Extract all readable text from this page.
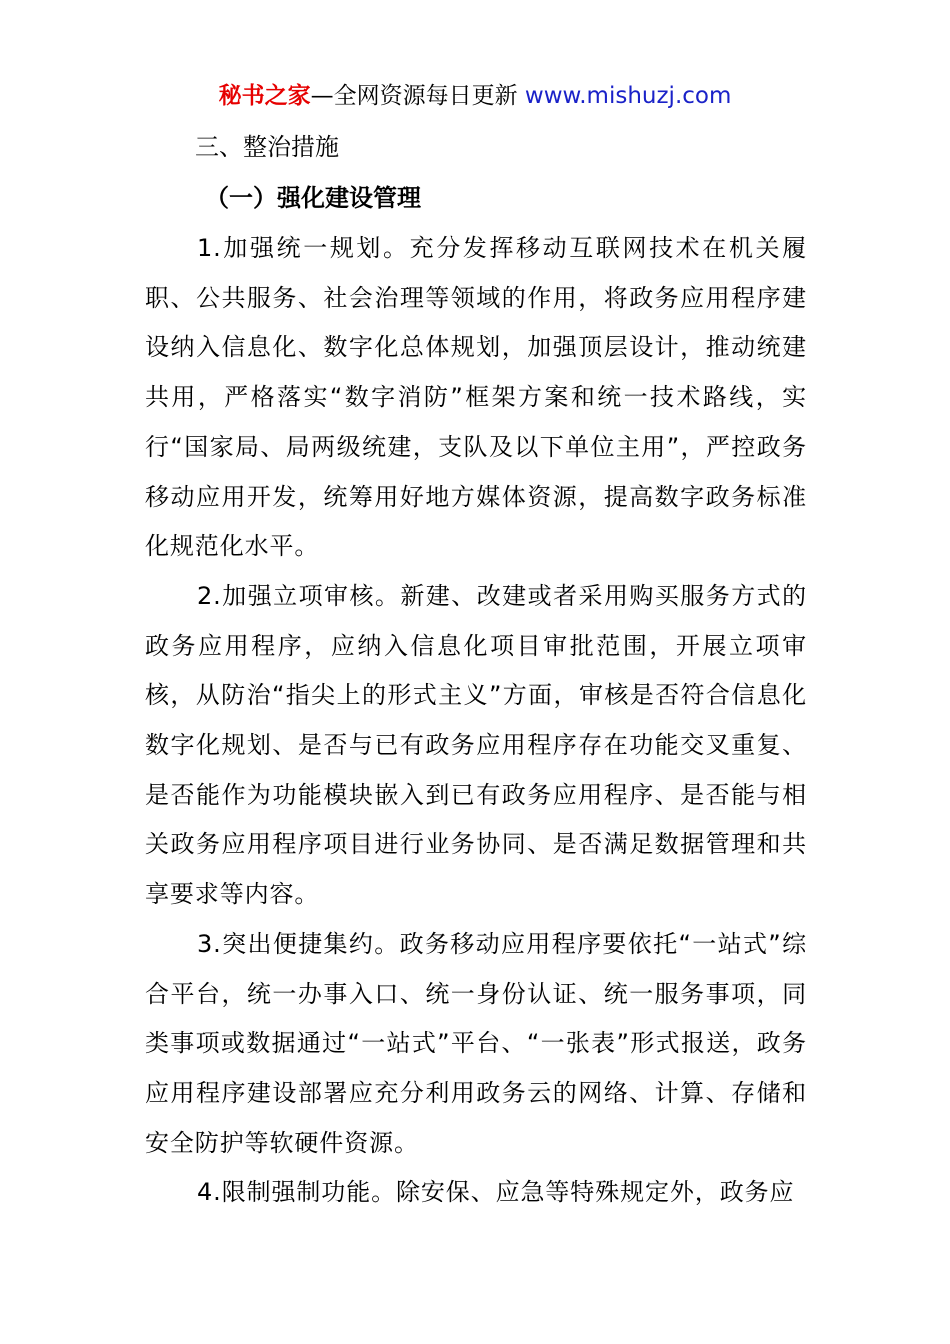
秘书之家—全网资源每日更新 www.mishuzj.com
三、整治措施
（一）强化建设管理

1.加强统一规划。充分发挥移动互联网技术在机关履职、公共服务、社会治理等领域的作用，将政务应用程序建设纳入信息化、数字化总体规划，加强顶层设计，推动统建共用，严格落实“数字消防”框架方案和统一技术路线，实行“国家局、局两级统建，支队及以下单位主用”，严控政务移动应用开发，统筹用好地方媒体资源，提高数字政务标准化规范化水平。

2.加强立项审核。新建、改建或者采用购买服务方式的政务应用程序，应纳入信息化项目审批范围，开展立项审核，从防治“指尖上的形式主义”方面，审核是否符合信息化数字化规划、是否与已有政务应用程序存在功能交叉重复、是否能作为功能模块嵌入到已有政务应用程序、是否能与相关政务应用程序项目进行业务协同、是否满足数据管理和共享要求等内容。

3.突出便捷集约。政务移动应用程序要依托“一站式”综合平台，统一办事入口、统一身份认证、统一服务事项，同类事项或数据通过“一站式”平台、“一张表”形式报送，政务应用程序建设部署应充分利用政务云的网络、计算、存储和安全防护等软硬件资源。

4.限制强制功能。除安保、应急等特殊规定外，政务应
